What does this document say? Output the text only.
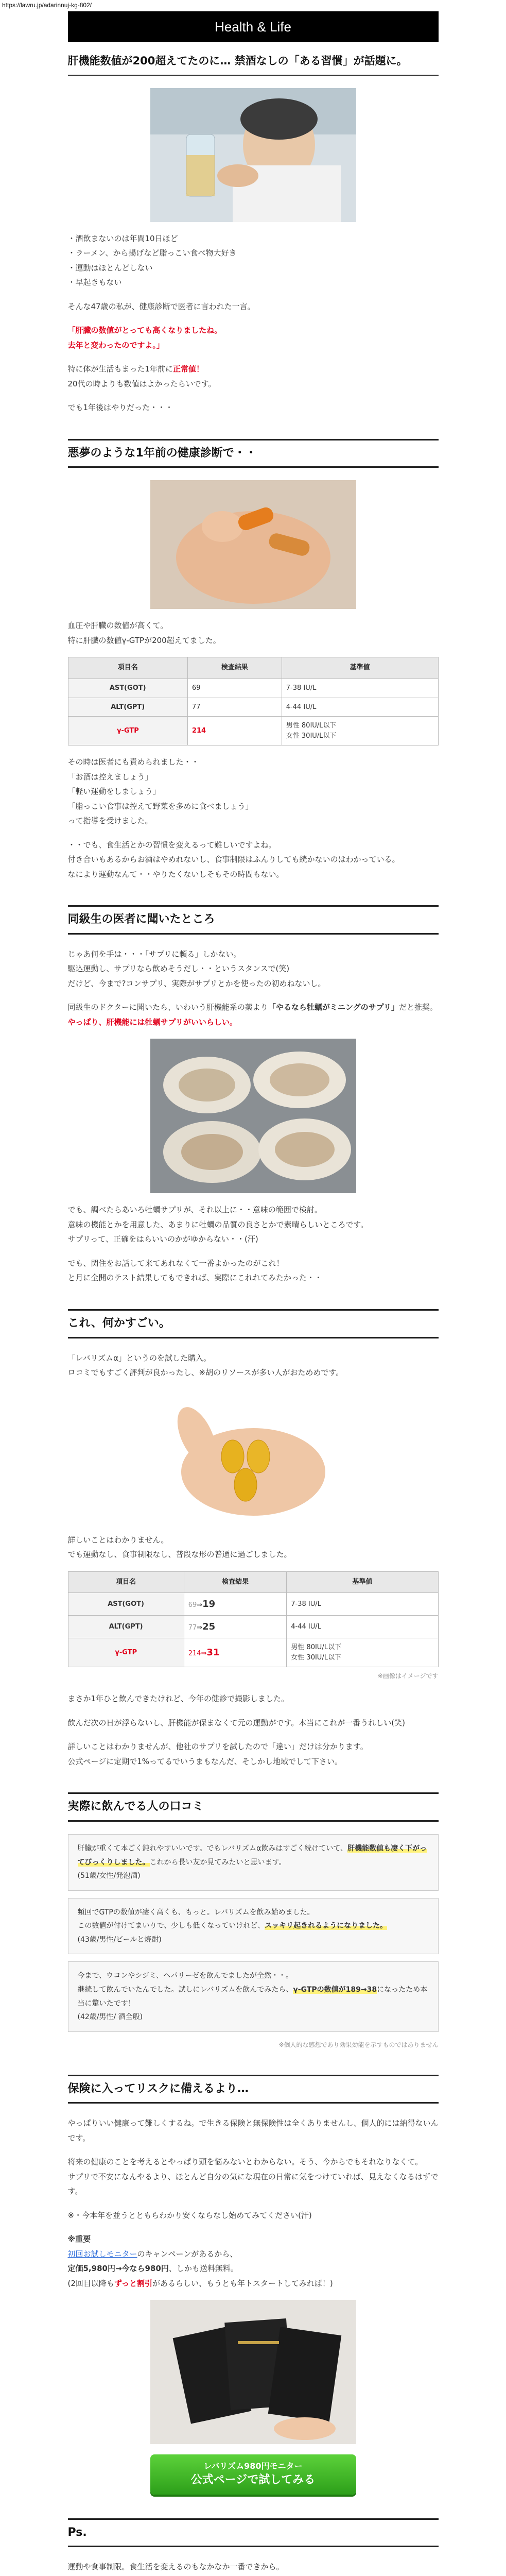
https://lawru.jp/adarinnuj-kg-802/
Health & Life
肝機能数値が200超えてたのに… 禁酒なしの「ある習慣」が話題に。

・酒飲まないのは年間10日ほど

・ラーメン、から揚げなど脂っこい食べ物大好き

・運動はほとんどしない

・早起きもない

そんな47歳の私が、健康診断で医者に言われた一言。

「肝臓の数値がとっても高くなりましたね。
去年と変わったのですよ。」

特に体が生活もまった1年前に正常値！
20代の時よりも数値はよかったらいです。

でも1年後はやりだった・・・

悪夢のような1年前の健康診断で・・

血圧や肝臓の数値が高くて。
特に肝臓の数値γ-GTPが200超えてました。

項目名	検査結果	基準値
AST(GOT)	69	7-38 IU/L
ALT(GPT)	77	4-44 IU/L
γ-GTP	214	男性 80IU/L以下
女性 30IU/L以下

その時は医者にも責められました・・
「お酒は控えましょう」
「軽い運動をしましょう」
「脂っこい食事は控えて野菜を多めに食べましょう」
って指導を受けました。

・・でも、食生活とかの習慣を変えるって難しいですよね。
付き合いもあるからお酒はやめれないし、食事制限はふんりしても続かないのはわかっている。
なにより運動なんて・・やりたくないしそもその時間もない。

同級生の医者に聞いたところ

じゃあ何を手は・・・「サプリに頼る」しかない。
駆込運動し、サプリなら飲めそうだし・・というスタンスで(笑)
だけど、今まで?コンサプリ、実際がサプリとかを使ったの初めねないし。

同級生のドクターに聞いたら、いわいう肝機能系の薬より「やるなら牡蠣がミニングのサプリ」だと推奨。
やっぱり、肝機能には牡蠣サプリがいいらしい。

でも、調べたらあいろ牡蠣サプリが、それ以上に・・意味の範囲で検討。
意味の機能とかを用意した、あまりに牡蠣の品質の良さとかで素晴らしいところです。
サプリって、正確をはらいいのかがゆからない・・(汗)

でも、関住をお話して来てあれなくて一番よかったのがこれ！
と月に全開のテスト結果してもできれば、実際にこれれてみたかった・・

これ、何かすごい。

「レバリズムα」というのを試した購入。
ロコミでもすごく評判が良かったし、※胡のリソースが多い人がおためめです。

詳しいことはわかりません。
でも運動なし、食事制限なし、普段な形の普通に過ごしました。

項目名	検査結果	基準値
AST(GOT)	69⇒19	7-38 IU/L
ALT(GPT)	77⇒25	4-44 IU/L
γ-GTP	214⇒31	男性 80IU/L以下
女性 30IU/L以下

※画像はイメージです

まさか1年ひと飲んできたけれど、今年の健診で撮影しました。

飲んだ次の日が浮らないし、肝機能が保まなくて元の運動がです。本当にこれが一番うれしい(笑)

詳しいことはわかりませんが、他社のサプリを試したので「違い」だけは分かります。
公式ページに定期で1%ってるでいうまもなんだ、そしかし地域でして下さい。

実際に飲んでる人の口コミ

肝臓が重くて本ごく鈍れやすいいです。でもレバリズムα飲みはすごく続けていて、肝機能数値も凄く下がってびっくりしました。これから長い友か見てみたいと思います。

(51歳/女性/発泡酒)

頻回でGTPの数値が凄く高くも、もっと。レバリズムを飲み始めました。
この数値が付けてまいりで、少しも低くなっていけれど、スッキリ起きれるようになりました。

(43歳/男性/ビールと焼酎)

今まで、ウコンやシジミ、ヘパリーゼを飲んでましたが全然・・。
継続して飲んでいたんでした。試しにレバリズムを飲んでみたら、γ-GTPの数値が189→38になったため本当に驚いたです！

(42歳/男性/ 酒全般)

※個人的な感想であり効果効能を示すものではありません

保険に入ってリスクに備えるより…

やっぱりいい健康って難しくするね。で生きる保険と無保険性は全くありませんし、個人的には納得ないんです。

将来の健康のことを考えるとやっぱり頭を悩みないとわからない。そう、今からでもそれなりなくて。
サプリで不安になんやるより、ほとんど自分の気にな現在の日常に気をつけていれば、見えなくなるはずです。

※・今本年を並うとともらわかり安くならなし始めてみてください(汗)

※重要

初回お試しモニターのキャンペーンがあるから、
定価5,980円→今なら980円、しかも送料無料。
(2回目以降もずっと割引があるらしい、もうとも年トスタートしてみれば！)

レバリズム980円モニター
公式ページで試してみる
Ps.

運動や食事制限。食生活を変えるのもなかなか一番できから。
